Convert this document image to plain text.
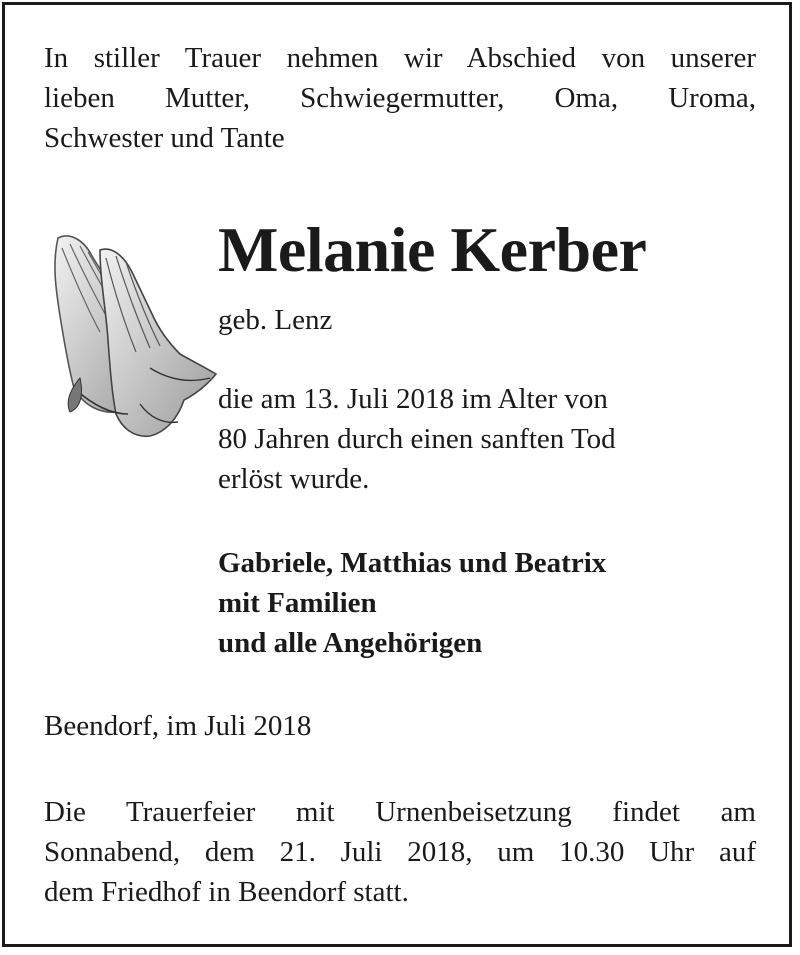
In stiller Trauer nehmen wir Abschied von unserer
lieben Mutter, Schwiegermutter, Oma, Uroma,
Schwester und Tante
Melanie Kerber
geb. Lenz
die am 13. Juli 2018 im Alter von
80 Jahren durch einen sanften Tod
erlöst wurde.
Gabriele, Matthias und Beatrix
mit Familien
und alle Angehörigen
Beendorf, im Juli 2018
Die Trauerfeier mit Urnenbeisetzung findet am
Sonnabend, dem 21. Juli 2018, um 10.30 Uhr auf
dem Friedhof in Beendorf statt.
